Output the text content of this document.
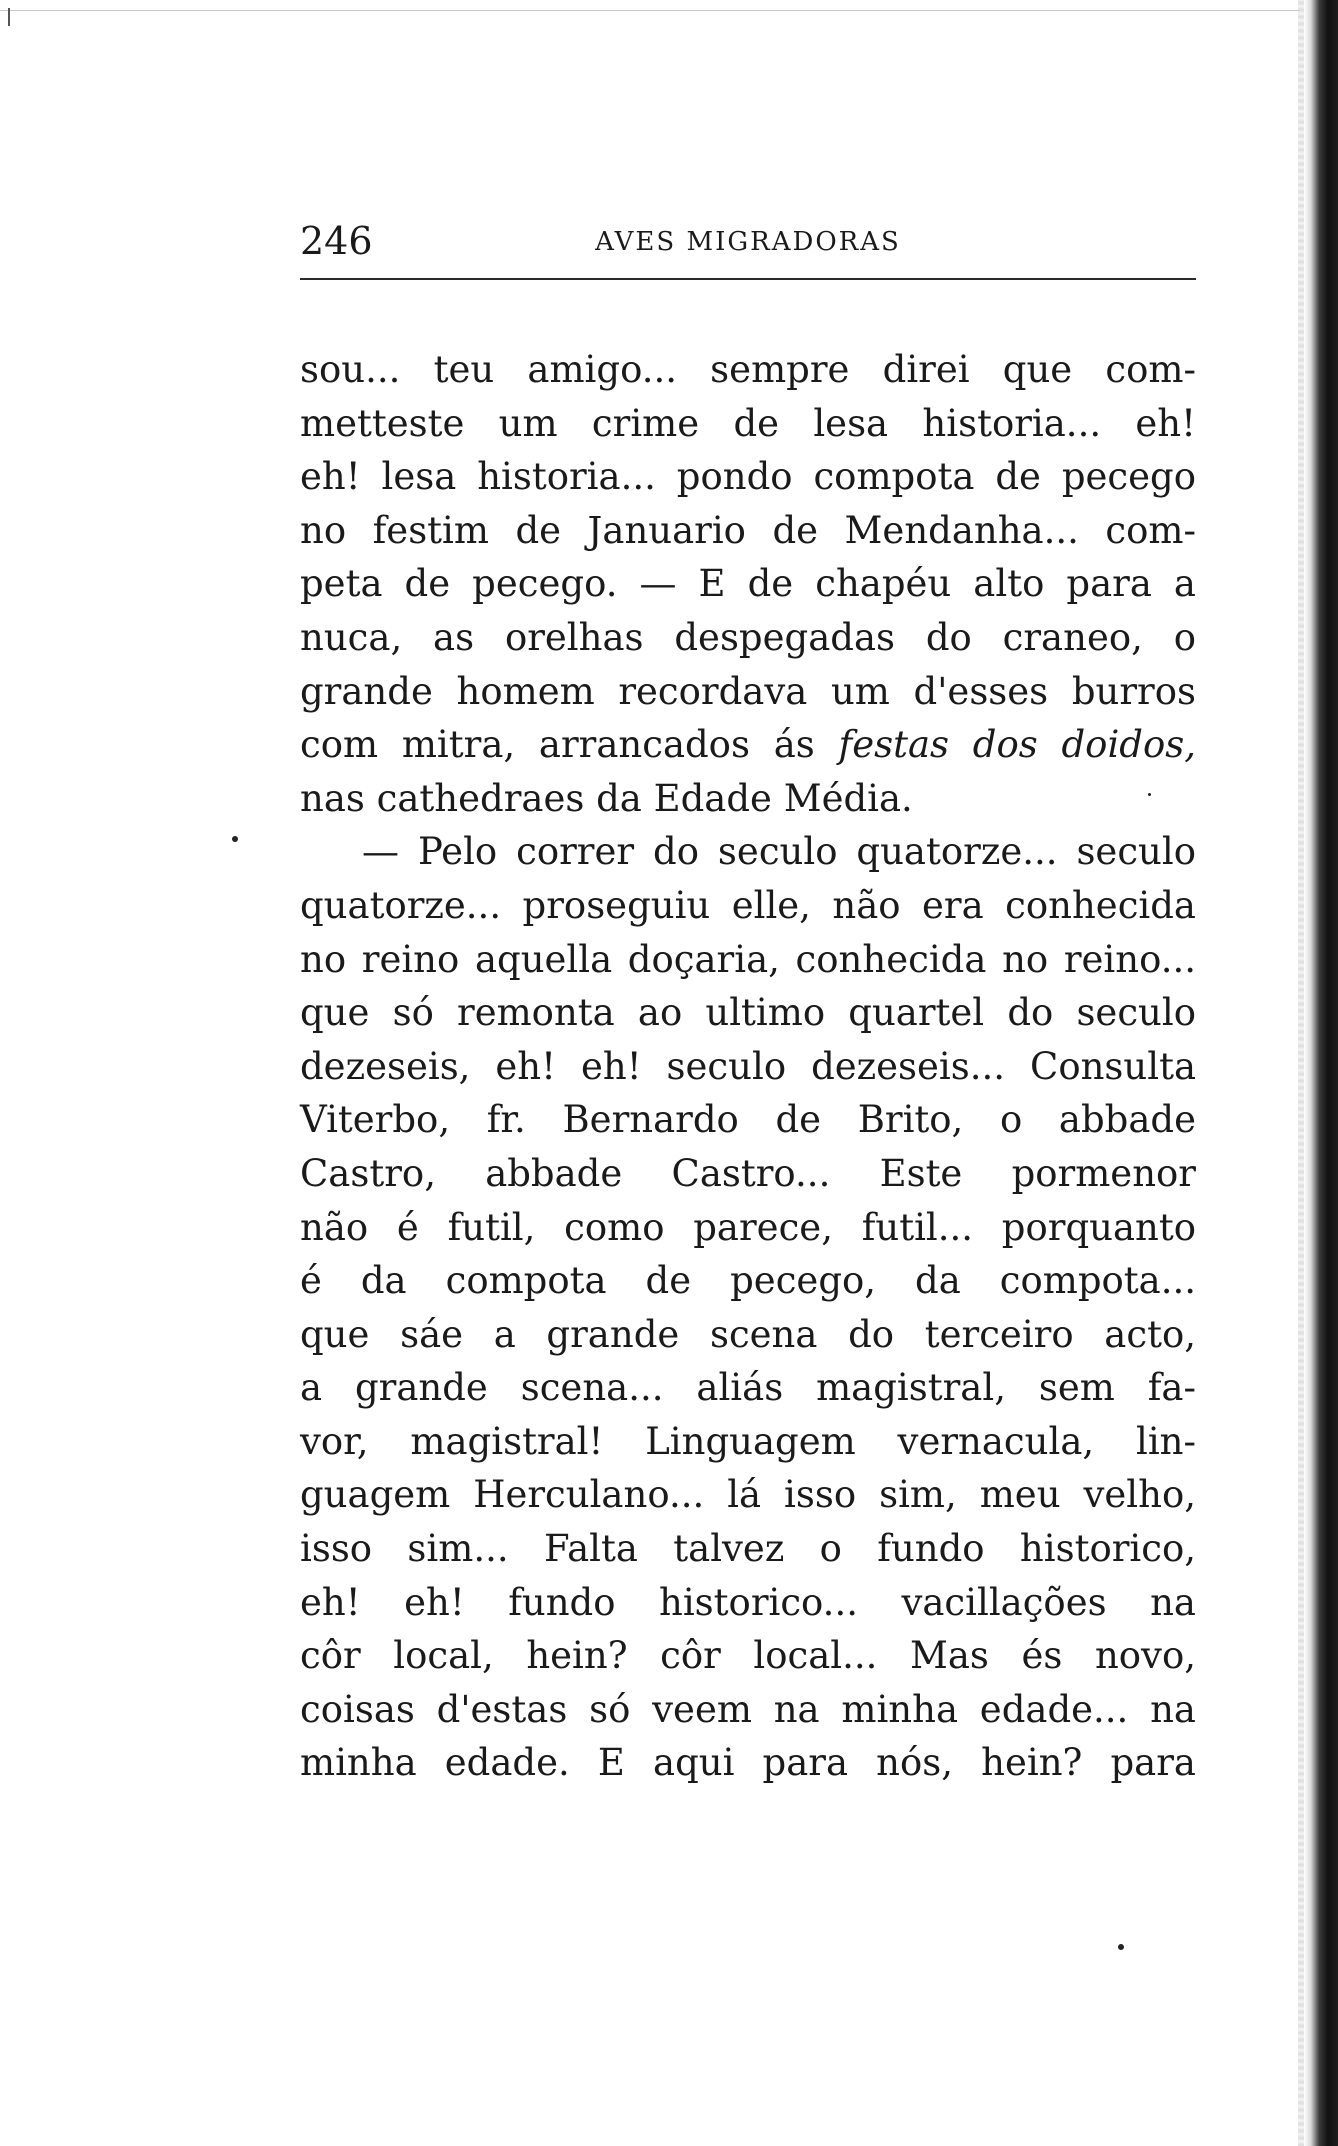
246	AVES MIGRADORAS
sou... teu amigo... sempre direi que com-
metteste um crime de lesa historia... eh!
eh! lesa historia... pondo compota de pecego
no festim de Januario de Mendanha... com-
peta de pecego. — E de chapéu alto para a
nuca, as orelhas despegadas do craneo, o
grande homem recordava um d'esses burros
com mitra, arrancados ás festas dos doidos,
nas cathedraes da Edade Média.
— Pelo correr do seculo quatorze... seculo
quatorze... proseguiu elle, não era conhecida
no reino aquella doçaria, conhecida no reino...
que só remonta ao ultimo quartel do seculo
dezeseis, eh! eh! seculo dezeseis... Consulta
Viterbo, fr. Bernardo de Brito, o abbade
Castro, abbade Castro... Este pormenor
não é futil, como parece, futil... porquanto
é da compota de pecego, da compota...
que sáe a grande scena do terceiro acto,
a grande scena... aliás magistral, sem fa-
vor, magistral! Linguagem vernacula, lin-
guagem Herculano... lá isso sim, meu velho,
isso sim... Falta talvez o fundo historico,
eh! eh! fundo historico... vacillações na
côr local, hein? côr local... Mas és novo,
coisas d'estas só veem na minha edade... na
minha edade. E aqui para nós, hein? para
